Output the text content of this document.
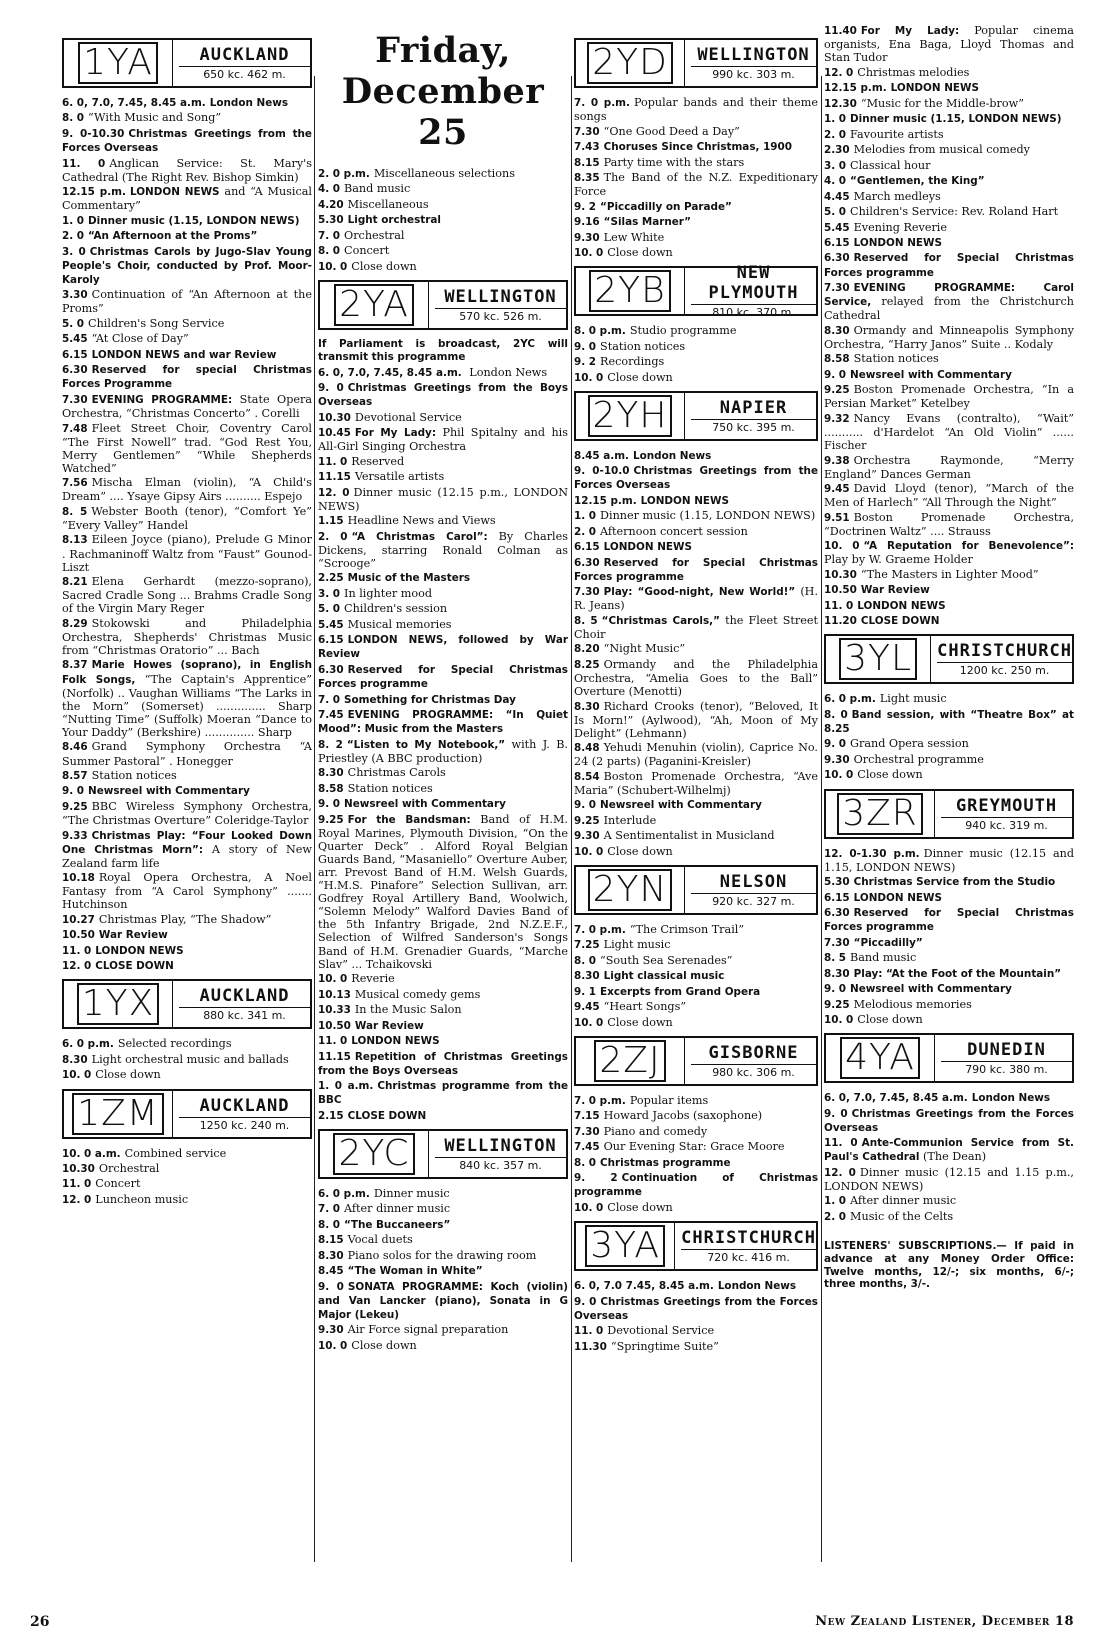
1YA	AUCKLAND
650 kc. 462 m.

6. 0, 7.0, 7.45, 8.45 a.m. London News

8. 0 “With Music and Song”

9. 0-10.30 Christmas Greetings from the Forces Overseas

11. 0 Anglican Service: St. Mary's Cathedral (The Right Rev. Bishop Simkin)

12.15 p.m. LONDON NEWS and “A Musical Commentary”

1. 0 Dinner music (1.15, LONDON NEWS)

2. 0 “An Afternoon at the Proms”

3. 0 Christmas Carols by Jugo-Slav Young People's Choir, conducted by Prof. Moor-Karoly

3.30 Continuation of “An Afternoon at the Proms”

5. 0 Children's Song Service

5.45 “At Close of Day”

6.15 LONDON NEWS and war Review

6.30 Reserved for special Christmas Forces Programme

7.30 EVENING PROGRAMME: State Opera Orchestra, “Christmas Concerto” . Corelli

7.48 Fleet Street Choir, Coventry Carol “The First Nowell” trad. “God Rest You, Merry Gentlemen” “While Shepherds Watched”

7.56 Mischa Elman (violin), “A Child's Dream” .... Ysaye Gipsy Airs .......... Espejo

8. 5 Webster Booth (tenor), “Comfort Ye” “Every Valley” Handel

8.13 Eileen Joyce (piano), Prelude G Minor . Rachmaninoff Waltz from “Faust” Gounod-Liszt

8.21 Elena Gerhardt (mezzo-soprano), Sacred Cradle Song ... Brahms Cradle Song of the Virgin Mary Reger

8.29 Stokowski and Philadelphia Orchestra, Shepherds' Christmas Music from “Christmas Oratorio” ... Bach

8.37 Marie Howes (soprano), in English Folk Songs, “The Captain's Apprentice” (Norfolk) .. Vaughan Williams “The Larks in the Morn” (Somerset) .............. Sharp “Nutting Time” (Suffolk) Moeran “Dance to Your Daddy” (Berkshire) .............. Sharp

8.46 Grand Symphony Orchestra “A Summer Pastoral” . Honegger

8.57 Station notices

9. 0 Newsreel with Commentary

9.25 BBC Wireless Symphony Orchestra, “The Christmas Overture” Coleridge-Taylor

9.33 Christmas Play: “Four Looked Down One Christmas Morn”: A story of New Zealand farm life

10.18 Royal Opera Orchestra, A Noel Fantasy from “A Carol Symphony” ....... Hutchinson

10.27 Christmas Play, “The Shadow”

10.50 War Review

11. 0 LONDON NEWS

12. 0 CLOSE DOWN

1YX	AUCKLAND
880 kc. 341 m.

6. 0 p.m. Selected recordings

8.30 Light orchestral music and ballads

10. 0 Close down

1ZM	AUCKLAND
1250 kc. 240 m.

10. 0 a.m. Combined service

10.30 Orchestral

11. 0 Concert

12. 0 Luncheon music

Friday, December 25

2. 0 p.m. Miscellaneous selections

4. 0 Band music

4.20 Miscellaneous

5.30 Light orchestral

7. 0 Orchestral

8. 0 Concert

10. 0 Close down

2YA	WELLINGTON
570 kc. 526 m.

If Parliament is broadcast, 2YC will transmit this programme

6. 0, 7.0, 7.45, 8.45 a.m. London News

9. 0 Christmas Greetings from the Boys Overseas

10.30 Devotional Service

10.45 For My Lady: Phil Spitalny and his All-Girl Singing Orchestra

11. 0 Reserved

11.15 Versatile artists

12. 0 Dinner music (12.15 p.m., LONDON NEWS)

1.15 Headline News and Views

2. 0 “A Christmas Carol”: By Charles Dickens, starring Ronald Colman as “Scrooge”

2.25 Music of the Masters

3. 0 In lighter mood

5. 0 Children's session

5.45 Musical memories

6.15 LONDON NEWS, followed by War Review

6.30 Reserved for Special Christmas Forces programme

7. 0 Something for Christmas Day

7.45 EVENING PROGRAMME: “In Quiet Mood”: Music from the Masters

8. 2 “Listen to My Notebook,” with J. B. Priestley (A BBC production)

8.30 Christmas Carols

8.58 Station notices

9. 0 Newsreel with Commentary

9.25 For the Bandsman: Band of H.M. Royal Marines, Plymouth Division, “On the Quarter Deck” . Alford Royal Belgian Guards Band, “Masaniello” Overture Auber, arr. Prevost Band of H.M. Welsh Guards, “H.M.S. Pinafore” Selection Sullivan, arr. Godfrey Royal Artillery Band, Woolwich, “Solemn Melody” Walford Davies Band of the 5th Infantry Brigade, 2nd N.Z.E.F., Selection of Wilfred Sanderson's Songs Band of H.M. Grenadier Guards, “Marche Slav” ... Tchaikovski

10. 0 Reverie

10.13 Musical comedy gems

10.33 In the Music Salon

10.50 War Review

11. 0 LONDON NEWS

11.15 Repetition of Christmas Greetings from the Boys Overseas

1. 0 a.m. Christmas programme from the BBC

2.15 CLOSE DOWN

2YC	WELLINGTON
840 kc. 357 m.

6. 0 p.m. Dinner music

7. 0 After dinner music

8. 0 “The Buccaneers”

8.15 Vocal duets

8.30 Piano solos for the drawing room

8.45 “The Woman in White”

9. 0 SONATA PROGRAMME: Koch (violin) and Van Lancker (piano), Sonata in G Major (Lekeu)

9.30 Air Force signal preparation

10. 0 Close down

2YD	WELLINGTON
990 kc. 303 m.

7. 0 p.m. Popular bands and their theme songs

7.30 “One Good Deed a Day”

7.43 Choruses Since Christmas, 1900

8.15 Party time with the stars

8.35 The Band of the N.Z. Expeditionary Force

9. 2 “Piccadilly on Parade”

9.16 “Silas Marner”

9.30 Lew White

10. 0 Close down

2YB	NEW PLYMOUTH
810 kc. 370 m.

8. 0 p.m. Studio programme

9. 0 Station notices

9. 2 Recordings

10. 0 Close down

2YH	NAPIER
750 kc. 395 m.

8.45 a.m. London News

9. 0-10.0 Christmas Greetings from the Forces Overseas

12.15 p.m. LONDON NEWS

1. 0 Dinner music (1.15, LONDON NEWS)

2. 0 Afternoon concert session

6.15 LONDON NEWS

6.30 Reserved for Special Christmas Forces programme

7.30 Play: “Good-night, New World!” (H. R. Jeans)

8. 5 “Christmas Carols,” the Fleet Street Choir

8.20 “Night Music”

8.25 Ormandy and the Philadelphia Orchestra, “Amelia Goes to the Ball” Overture (Menotti)

8.30 Richard Crooks (tenor), “Beloved, It Is Morn!” (Aylwood), “Ah, Moon of My Delight” (Lehmann)

8.48 Yehudi Menuhin (violin), Caprice No. 24 (2 parts) (Paganini-Kreisler)

8.54 Boston Promenade Orchestra, “Ave Maria” (Schubert-Wilhelmj)

9. 0 Newsreel with Commentary

9.25 Interlude

9.30 A Sentimentalist in Musicland

10. 0 Close down

2YN	NELSON
920 kc. 327 m.

7. 0 p.m. “The Crimson Trail”

7.25 Light music

8. 0 “South Sea Serenades”

8.30 Light classical music

9. 1 Excerpts from Grand Opera

9.45 “Heart Songs”

10. 0 Close down

2ZJ	GISBORNE
980 kc. 306 m.

7. 0 p.m. Popular items

7.15 Howard Jacobs (saxophone)

7.30 Piano and comedy

7.45 Our Evening Star: Grace Moore

8. 0 Christmas programme

9. 2 Continuation of Christmas programme

10. 0 Close down

3YA CHRISTCHURCH
720 kc. 416 m.

6. 0, 7.0 7.45, 8.45 a.m. London News

9. 0 Christmas Greetings from the Forces Overseas

11. 0 Devotional Service

11.30 “Springtime Suite”

11.40 For My Lady: Popular cinema organists, Ena Baga, Lloyd Thomas and Stan Tudor

12. 0 Christmas melodies

12.15 p.m. LONDON NEWS

12.30 “Music for the Middle-brow”

1. 0 Dinner music (1.15, LONDON NEWS)

2. 0 Favourite artists

2.30 Melodies from musical comedy

3. 0 Classical hour

4. 0 “Gentlemen, the King”

4.45 March medleys

5. 0 Children's Service: Rev. Roland Hart

5.45 Evening Reverie

6.15 LONDON NEWS

6.30 Reserved for Special Christmas Forces programme

7.30 EVENING PROGRAMME: Carol Service, relayed from the Christchurch Cathedral

8.30 Ormandy and Minneapolis Symphony Orchestra, “Harry Janos” Suite .. Kodaly

8.58 Station notices

9. 0 Newsreel with Commentary

9.25 Boston Promenade Orchestra, “In a Persian Market” Ketelbey

9.32 Nancy Evans (contralto), “Wait” ........... d'Hardelot “An Old Violin” ...... Fischer

9.38 Orchestra Raymonde, “Merry England” Dances German

9.45 David Lloyd (tenor), “March of the Men of Harlech” “All Through the Night”

9.51 Boston Promenade Orchestra, “Doctrinen Waltz” .... Strauss

10. 0 “A Reputation for Benevolence”: Play by W. Graeme Holder

10.30 “The Masters in Lighter Mood”

10.50 War Review

11. 0 LONDON NEWS

11.20 CLOSE DOWN

3YL CHRISTCHURCH
1200 kc. 250 m.

6. 0 p.m. Light music

8. 0 Band session, with “Theatre Box” at 8.25

9. 0 Grand Opera session

9.30 Orchestral programme

10. 0 Close down

3ZR	GREYMOUTH
940 kc. 319 m.

12. 0-1.30 p.m. Dinner music (12.15 and 1.15, LONDON NEWS)

5.30 Christmas Service from the Studio

6.15 LONDON NEWS

6.30 Reserved for Special Christmas Forces programme

7.30 “Piccadilly”

8. 5 Band music

8.30 Play: “At the Foot of the Mountain”

9. 0 Newsreel with Commentary

9.25 Melodious memories

10. 0 Close down

4YA	DUNEDIN
790 kc. 380 m.

6. 0, 7.0, 7.45, 8.45 a.m. London News

9. 0 Christmas Greetings from the Forces Overseas

11. 0 Ante-Communion Service from St. Paul's Cathedral (The Dean)

12. 0 Dinner music (12.15 and 1.15 p.m., LONDON NEWS)

1. 0 After dinner music

2. 0 Music of the Celts

LISTENERS' SUBSCRIPTIONS.— If paid in advance at any Money Order Office: Twelve months, 12/-; six months, 6/-; three months, 3/-.

26	New Zealand Listener, December 18
